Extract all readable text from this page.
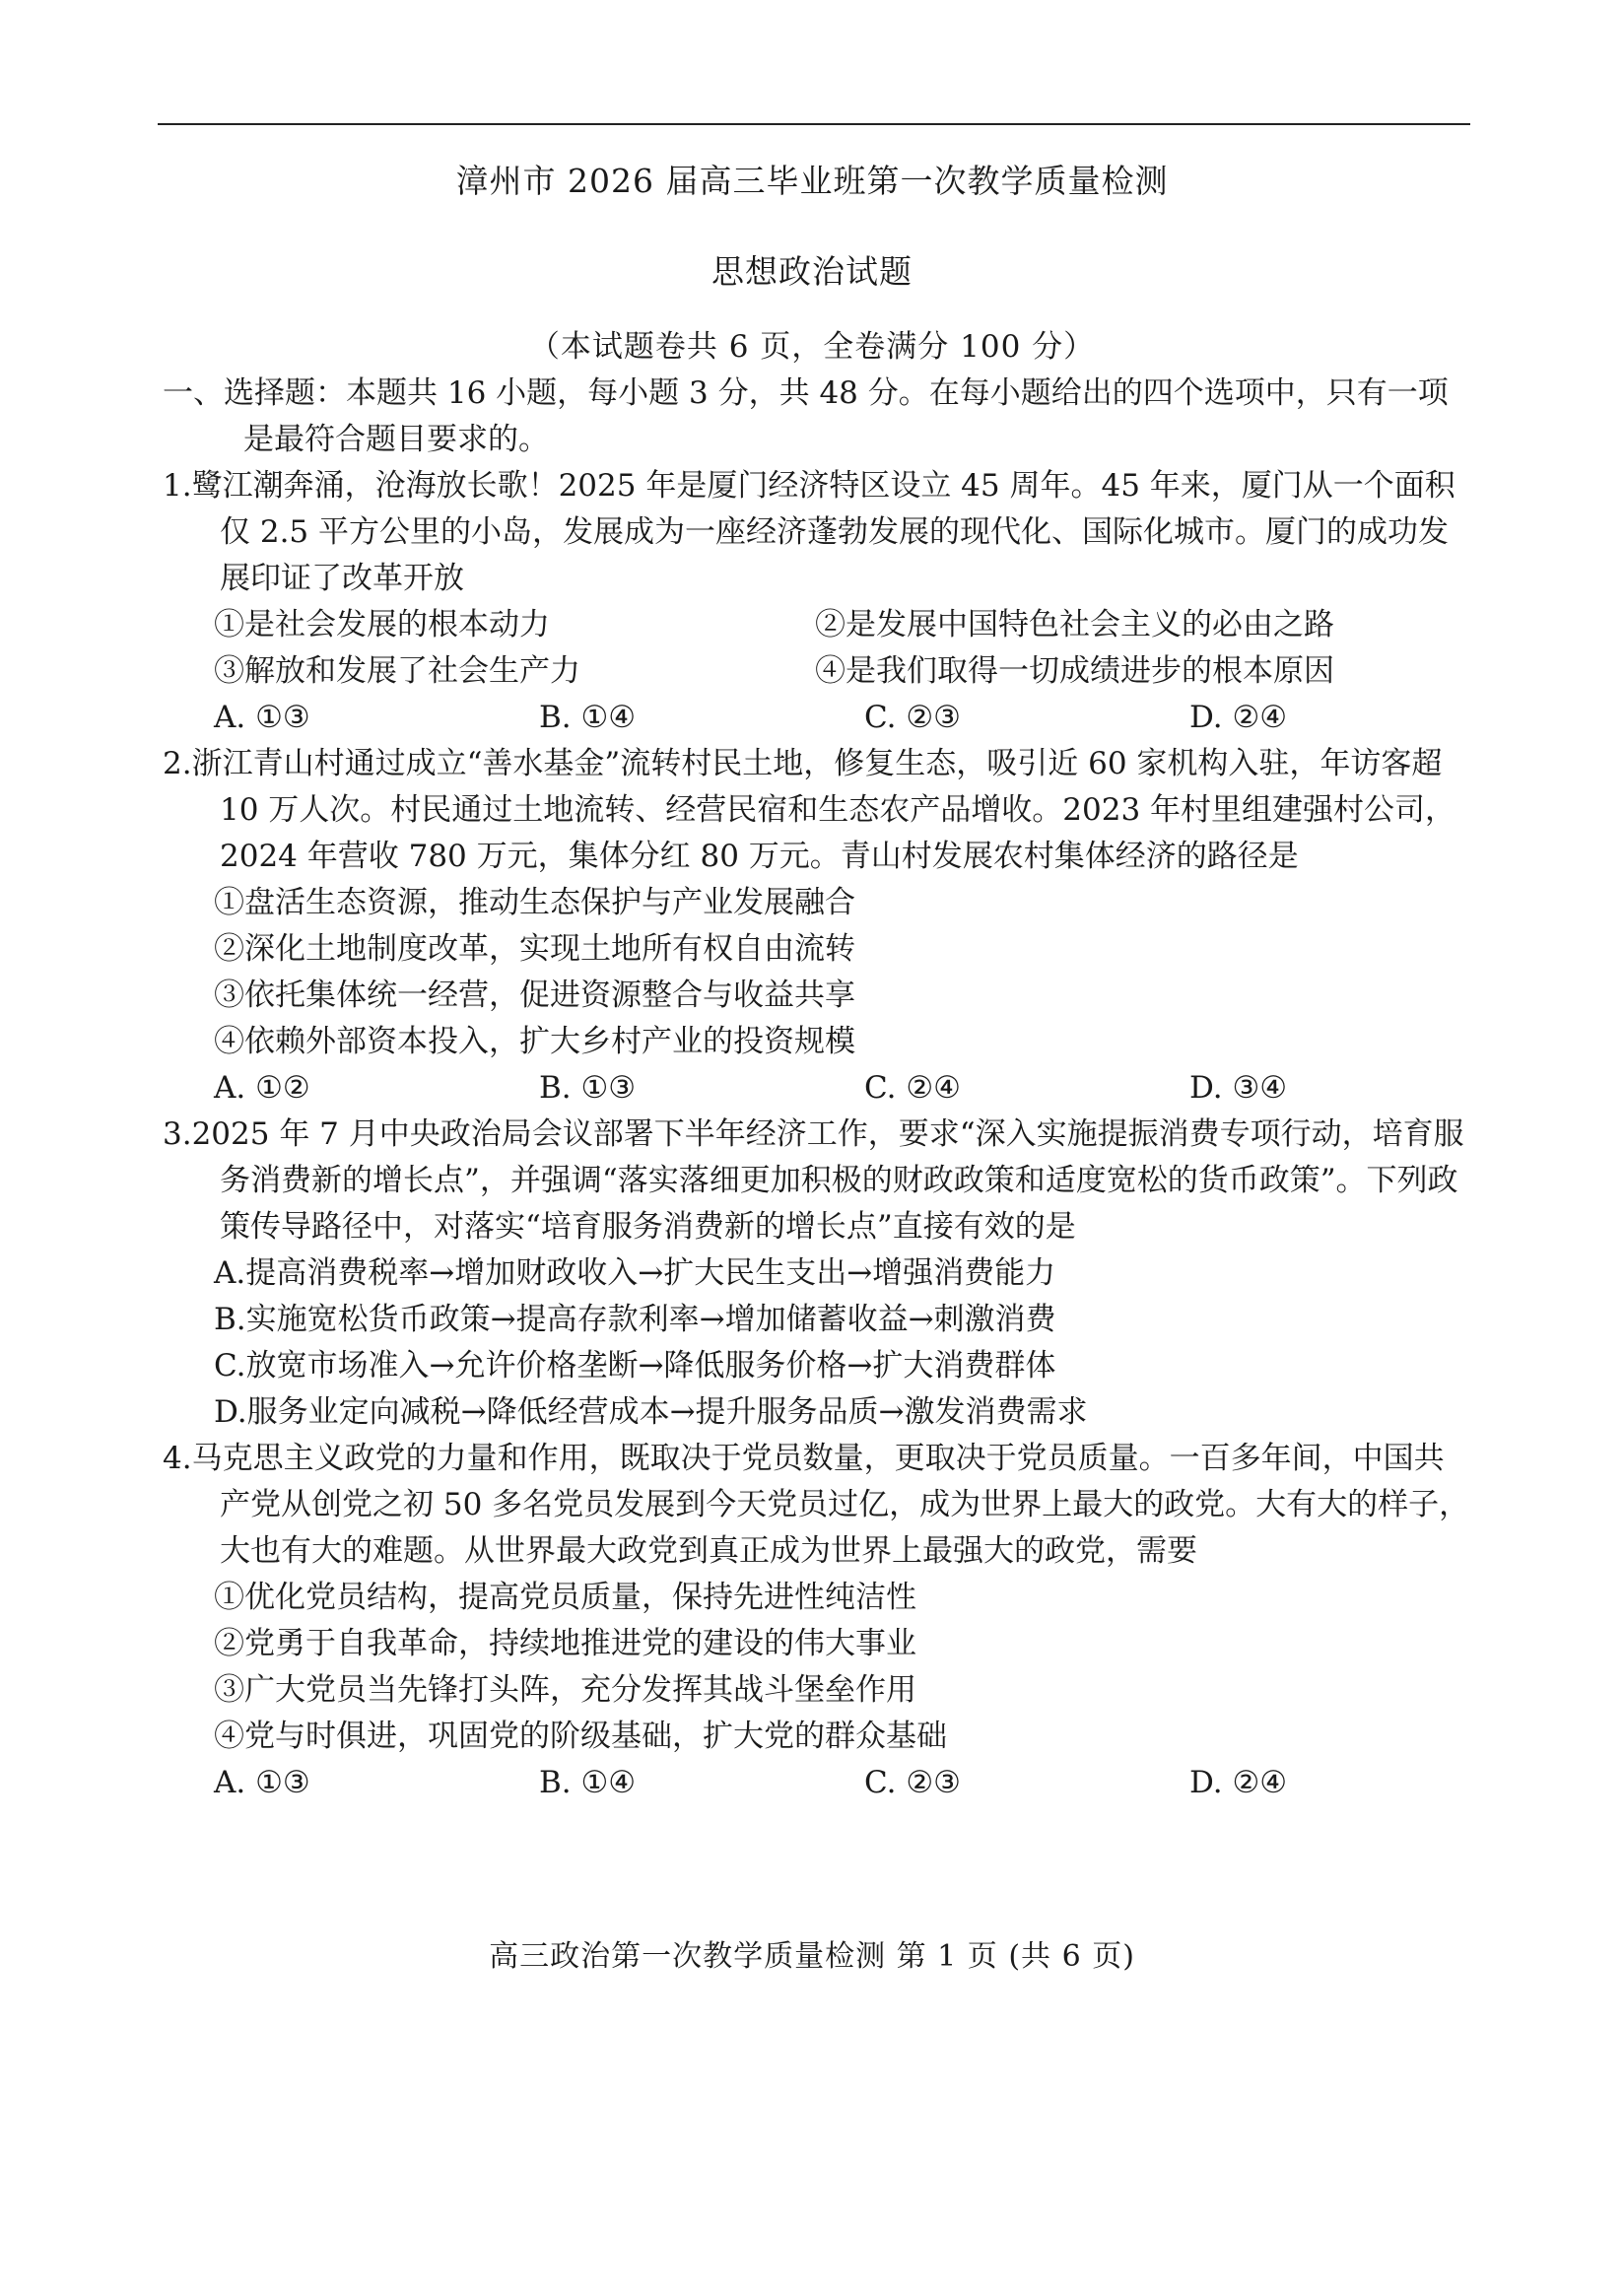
漳州市 2026 届高三毕业班第一次教学质量检测
思想政治试题
（本试题卷共 6 页，全卷满分 100 分）

一、选择题：本题共 16 小题，每小题 3 分，共 48 分。在每小题给出的四个选项中，只有一项是最符合题目要求的。

1.鹭江潮奔涌，沧海放长歌！2025 年是厦门经济特区设立 45 周年。45 年来，厦门从一个面积仅 2.5 平方公里的小岛，发展成为一座经济蓬勃发展的现代化、国际化城市。厦门的成功发展印证了改革开放

①是社会发展的根本动力	②是发展中国特色社会主义的必由之路
③解放和发展了社会生产力	④是我们取得一切成绩进步的根本原因
A. ①③	B. ①④	C. ②③	D. ②④

2.浙江青山村通过成立“善水基金”流转村民土地，修复生态，吸引近 60 家机构入驻，年访客超 10 万人次。村民通过土地流转、经营民宿和生态农产品增收。2023 年村里组建强村公司，2024 年营收 780 万元，集体分红 80 万元。青山村发展农村集体经济的路径是

①盘活生态资源，推动生态保护与产业发展融合

②深化土地制度改革，实现土地所有权自由流转

③依托集体统一经营，促进资源整合与收益共享

④依赖外部资本投入，扩大乡村产业的投资规模

A. ①②	B. ①③	C. ②④	D. ③④

3.2025 年 7 月中央政治局会议部署下半年经济工作，要求“深入实施提振消费专项行动，培育服务消费新的增长点”，并强调“落实落细更加积极的财政政策和适度宽松的货币政策”。下列政策传导路径中，对落实“培育服务消费新的增长点”直接有效的是

A.提高消费税率→增加财政收入→扩大民生支出→增强消费能力

B.实施宽松货币政策→提高存款利率→增加储蓄收益→刺激消费

C.放宽市场准入→允许价格垄断→降低服务价格→扩大消费群体

D.服务业定向减税→降低经营成本→提升服务品质→激发消费需求

4.马克思主义政党的力量和作用，既取决于党员数量，更取决于党员质量。一百多年间，中国共产党从创党之初 50 多名党员发展到今天党员过亿，成为世界上最大的政党。大有大的样子，大也有大的难题。从世界最大政党到真正成为世界上最强大的政党，需要

①优化党员结构，提高党员质量，保持先进性纯洁性

②党勇于自我革命，持续地推进党的建设的伟大事业

③广大党员当先锋打头阵，充分发挥其战斗堡垒作用

④党与时俱进，巩固党的阶级基础，扩大党的群众基础

A. ①③	B. ①④	C. ②③	D. ②④
高三政治第一次教学质量检测 第 1 页 (共 6 页)
